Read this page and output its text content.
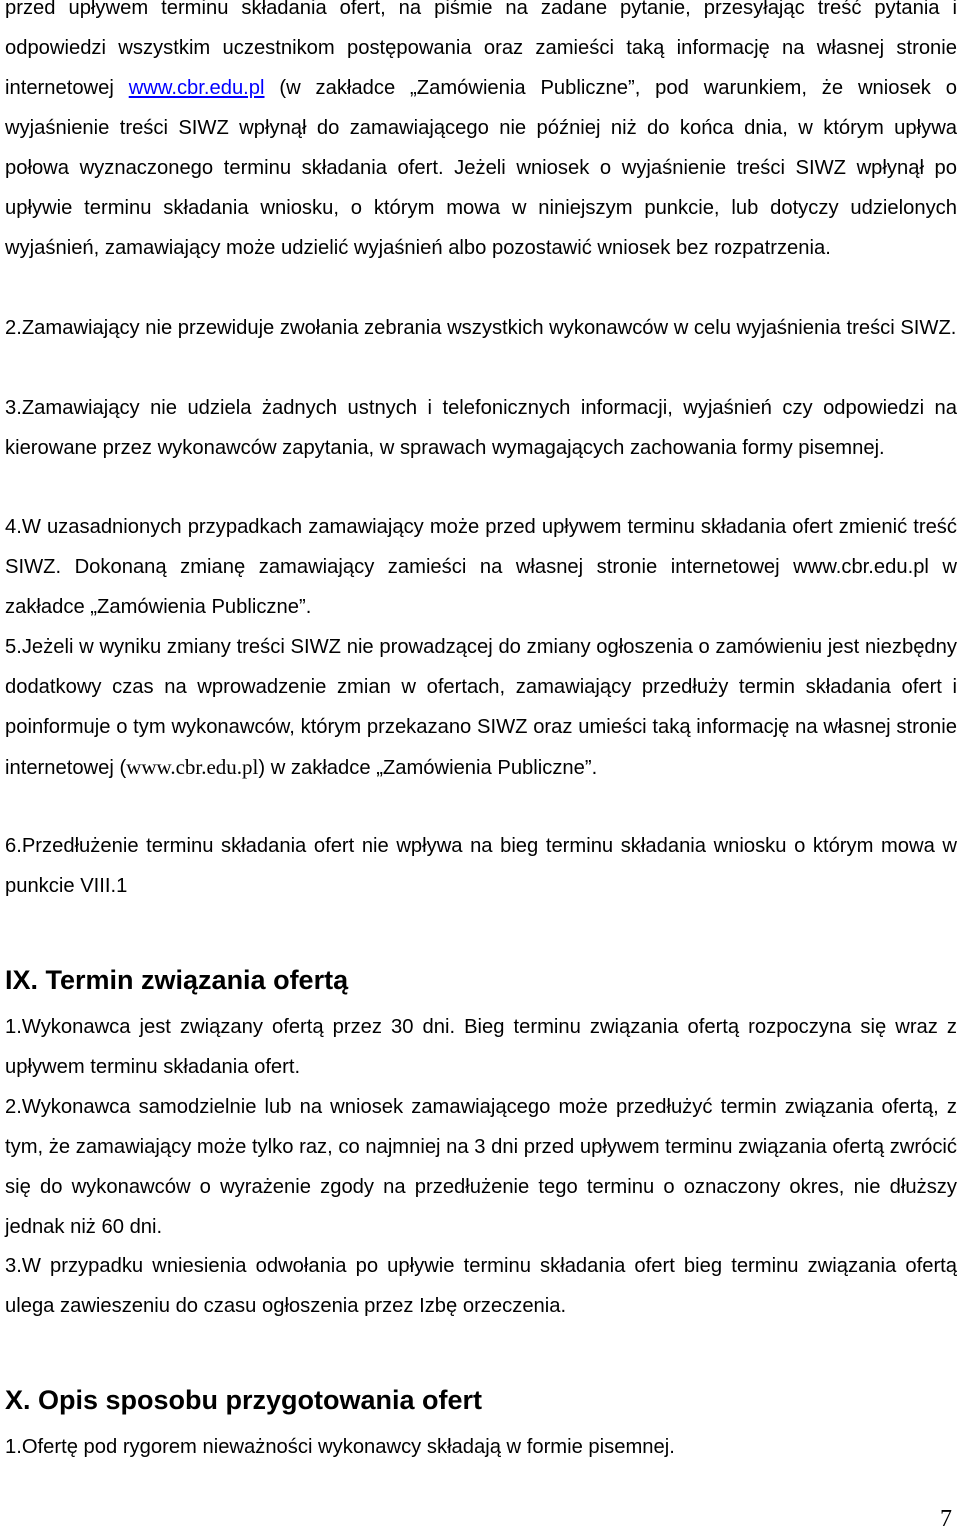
przed upływem terminu składania ofert, na piśmie na zadane pytanie, przesyłając treść pytania i odpowiedzi wszystkim uczestnikom postępowania oraz zamieści taką informację na własnej stronie internetowej www.cbr.edu.pl (w zakładce „Zamówienia Publiczne”, pod warunkiem, że wniosek o wyjaśnienie treści SIWZ wpłynął do zamawiającego nie później niż do końca dnia, w którym upływa połowa wyznaczonego terminu składania ofert. Jeżeli wniosek o wyjaśnienie treści SIWZ wpłynął po upływie terminu składania wniosku, o którym mowa w niniejszym punkcie, lub dotyczy udzielonych wyjaśnień, zamawiający może udzielić wyjaśnień albo pozostawić wniosek bez rozpatrzenia.

2.Zamawiający nie przewiduje zwołania zebrania wszystkich wykonawców w celu wyjaśnienia treści SIWZ.

3.Zamawiający nie udziela żadnych ustnych i telefonicznych informacji, wyjaśnień czy odpowiedzi na kierowane przez wykonawców zapytania, w sprawach wymagających zachowania formy pisemnej.

4.W uzasadnionych przypadkach zamawiający może przed upływem terminu składania ofert zmienić treść SIWZ. Dokonaną zmianę zamawiający zamieści na własnej stronie internetowej www.cbr.edu.pl w zakładce „Zamówienia Publiczne”.

5.Jeżeli w wyniku zmiany treści SIWZ nie prowadzącej do zmiany ogłoszenia o zamówieniu jest niezbędny dodatkowy czas na wprowadzenie zmian w ofertach, zamawiający przedłuży termin składania ofert i poinformuje o tym wykonawców, którym przekazano SIWZ oraz umieści taką informację na własnej stronie internetowej (www.cbr.edu.pl) w zakładce „Zamówienia Publiczne”.

6.Przedłużenie terminu składania ofert nie wpływa na bieg terminu składania wniosku o którym mowa w punkcie VIII.1

IX. Termin związania ofertą

1.Wykonawca jest związany ofertą przez 30 dni. Bieg terminu związania ofertą rozpoczyna się wraz z upływem terminu składania ofert.

2.Wykonawca samodzielnie lub na wniosek zamawiającego może przedłużyć termin związania ofertą, z tym, że zamawiający może tylko raz, co najmniej na 3 dni przed upływem terminu związania ofertą zwrócić się do wykonawców o wyrażenie zgody na przedłużenie tego terminu o oznaczony okres, nie dłuższy jednak niż 60 dni.

3.W przypadku wniesienia odwołania po upływie terminu składania ofert bieg terminu związania ofertą ulega zawieszeniu do czasu ogłoszenia przez Izbę orzeczenia.

X. Opis sposobu przygotowania ofert

1.Ofertę pod rygorem nieważności wykonawcy składają w formie pisemnej.

7
